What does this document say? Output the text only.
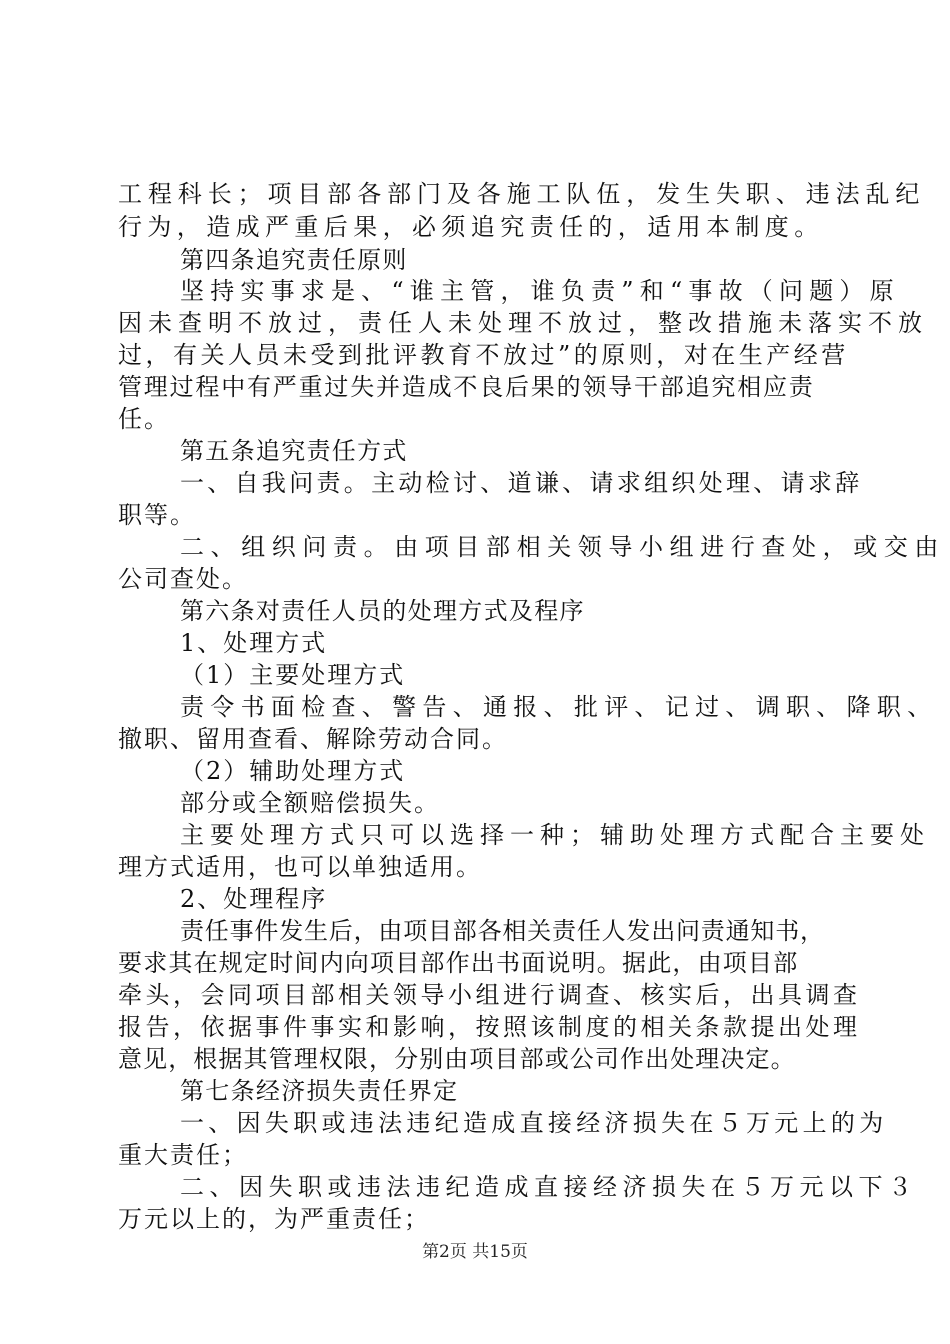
工程科长；项目部各部门及各施工队伍，发生失职、违法乱纪
行为，造成严重后果，必须追究责任的，适用本制度。
第四条追究责任原则
坚持实事求是、“谁主管，谁负责”和“事故（问题）原
因未查明不放过，责任人未处理不放过，整改措施未落实不放
过，有关人员未受到批评教育不放过”的原则，对在生产经营
管理过程中有严重过失并造成不良后果的领导干部追究相应责
任。
第五条追究责任方式
一、自我问责。主动检讨、道谦、请求组织处理、请求辞
职等。
二、组织问责。由项目部相关领导小组进行查处，或交由
公司查处。
第六条对责任人员的处理方式及程序
1、处理方式
（1）主要处理方式
责令书面检查、警告、通报、批评、记过、调职、降职、
撤职、留用查看、解除劳动合同。
（2）辅助处理方式
部分或全额赔偿损失。
主要处理方式只可以选择一种；辅助处理方式配合主要处
理方式适用，也可以单独适用。
2、处理程序
责任事件发生后，由项目部各相关责任人发出问责通知书，
要求其在规定时间内向项目部作出书面说明。据此，由项目部
牵头，会同项目部相关领导小组进行调查、核实后，出具调查
报告，依据事件事实和影响，按照该制度的相关条款提出处理
意见，根据其管理权限，分别由项目部或公司作出处理决定。
第七条经济损失责任界定
一、因失职或违法违纪造成直接经济损失在５万元上的为
重大责任；
二、因失职或违法违纪造成直接经济损失在５万元以下３
万元以上的，为严重责任；
第2页 共15页
